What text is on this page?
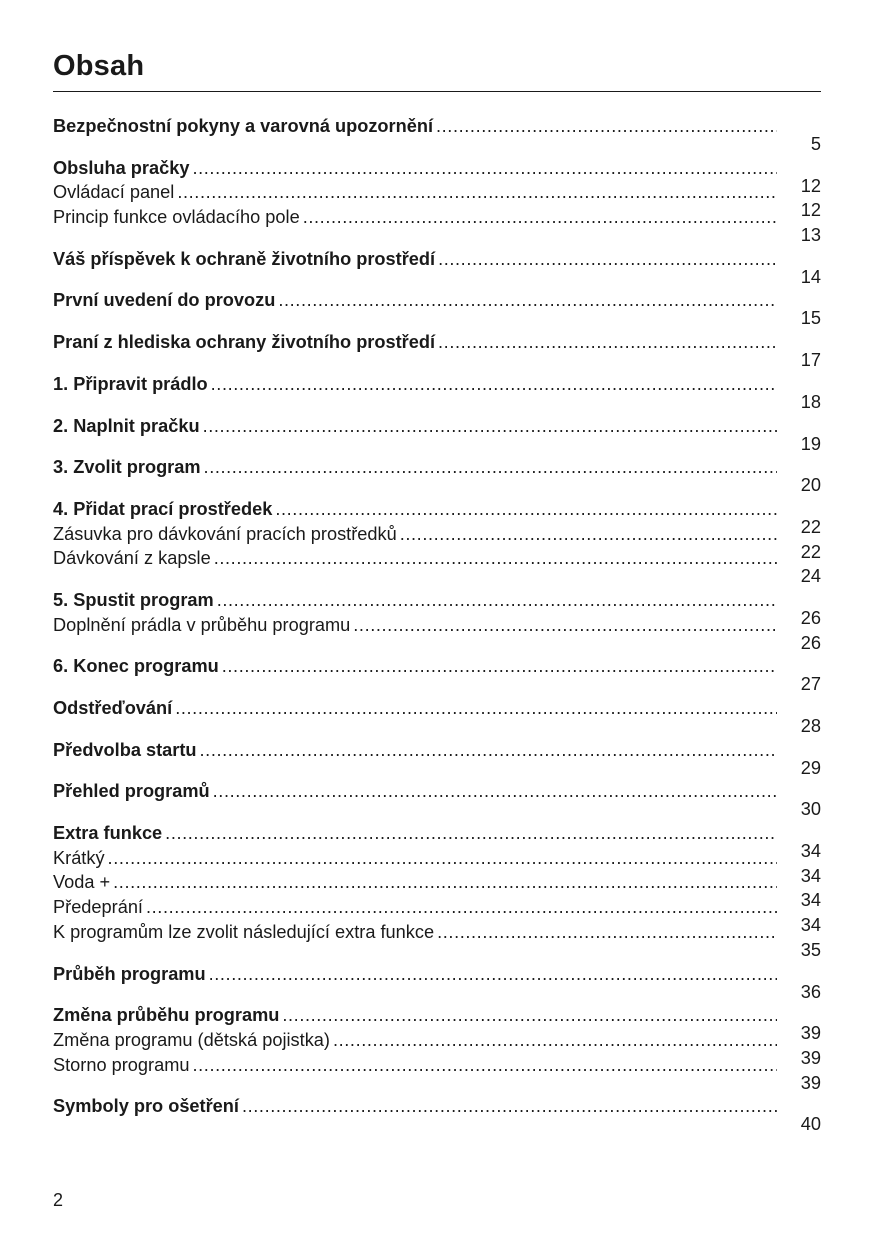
Obsah
Bezpečnostní pokyny a varovná upozornění
.....
5
Obsluha pračky
.....
12
Ovládací panel
.....
12
Princip funkce ovládacího pole
.....
13
Váš příspěvek k ochraně životního prostředí
.....
14
První uvedení do provozu
.....
15
Praní z hlediska ochrany životního prostředí
.....
17
1. Připravit prádlo
.....
18
2. Naplnit pračku
.....
19
3. Zvolit program
.....
20
4. Přidat prací prostředek
.....
22
Zásuvka pro dávkování pracích prostředků
.....
22
Dávkování z kapsle
.....
24
5. Spustit program
.....
26
Doplnění prádla v průběhu programu
.....
26
6. Konec programu
.....
27
Odstřeďování
.....
28
Předvolba startu
.....
29
Přehled programů
.....
30
Extra funkce
.....
34
Krátký
.....
34
Voda +
.....
34
Předeprání
.....
34
K programům lze zvolit následující extra funkce
.....
35
Průběh programu
.....
36
Změna průběhu programu
.....
39
Změna programu (dětská pojistka)
.....
39
Storno programu
.....
39
Symboly pro ošetření
.....
40
2
